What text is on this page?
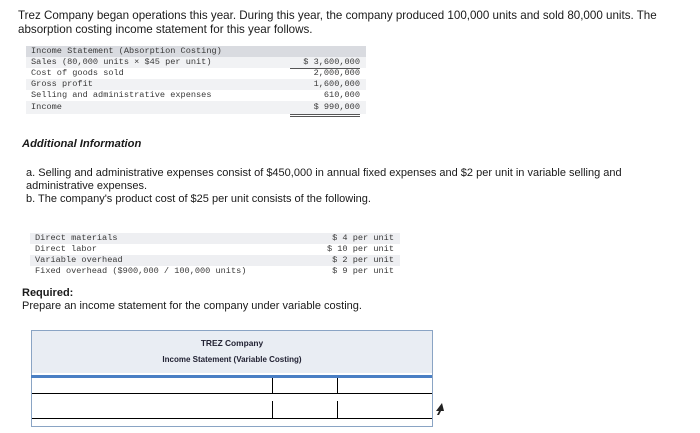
Trez Company began operations this year. During this year, the company produced 100,000 units and sold 80,000 units. The absorption costing income statement for this year follows.
Income Statement (Absorption Costing)
Sales (80,000 units × $45 per unit)	$ 3,600,000
Cost of goods sold	2,000,000
Gross profit	1,600,000
Selling and administrative expenses	610,000
Income	$ 990,000
Additional Information
a. Selling and administrative expenses consist of $450,000 in annual fixed expenses and $2 per unit in variable selling and administrative expenses.
b. The company's product cost of $25 per unit consists of the following.
Direct materials	$ 4 per unit
Direct labor	$ 10 per unit
Variable overhead	$ 2 per unit
Fixed overhead ($900,000 / 100,000 units)	$ 9 per unit
Required:
Prepare an income statement for the company under variable costing.
TREZ Company
Income Statement (Variable Costing)
